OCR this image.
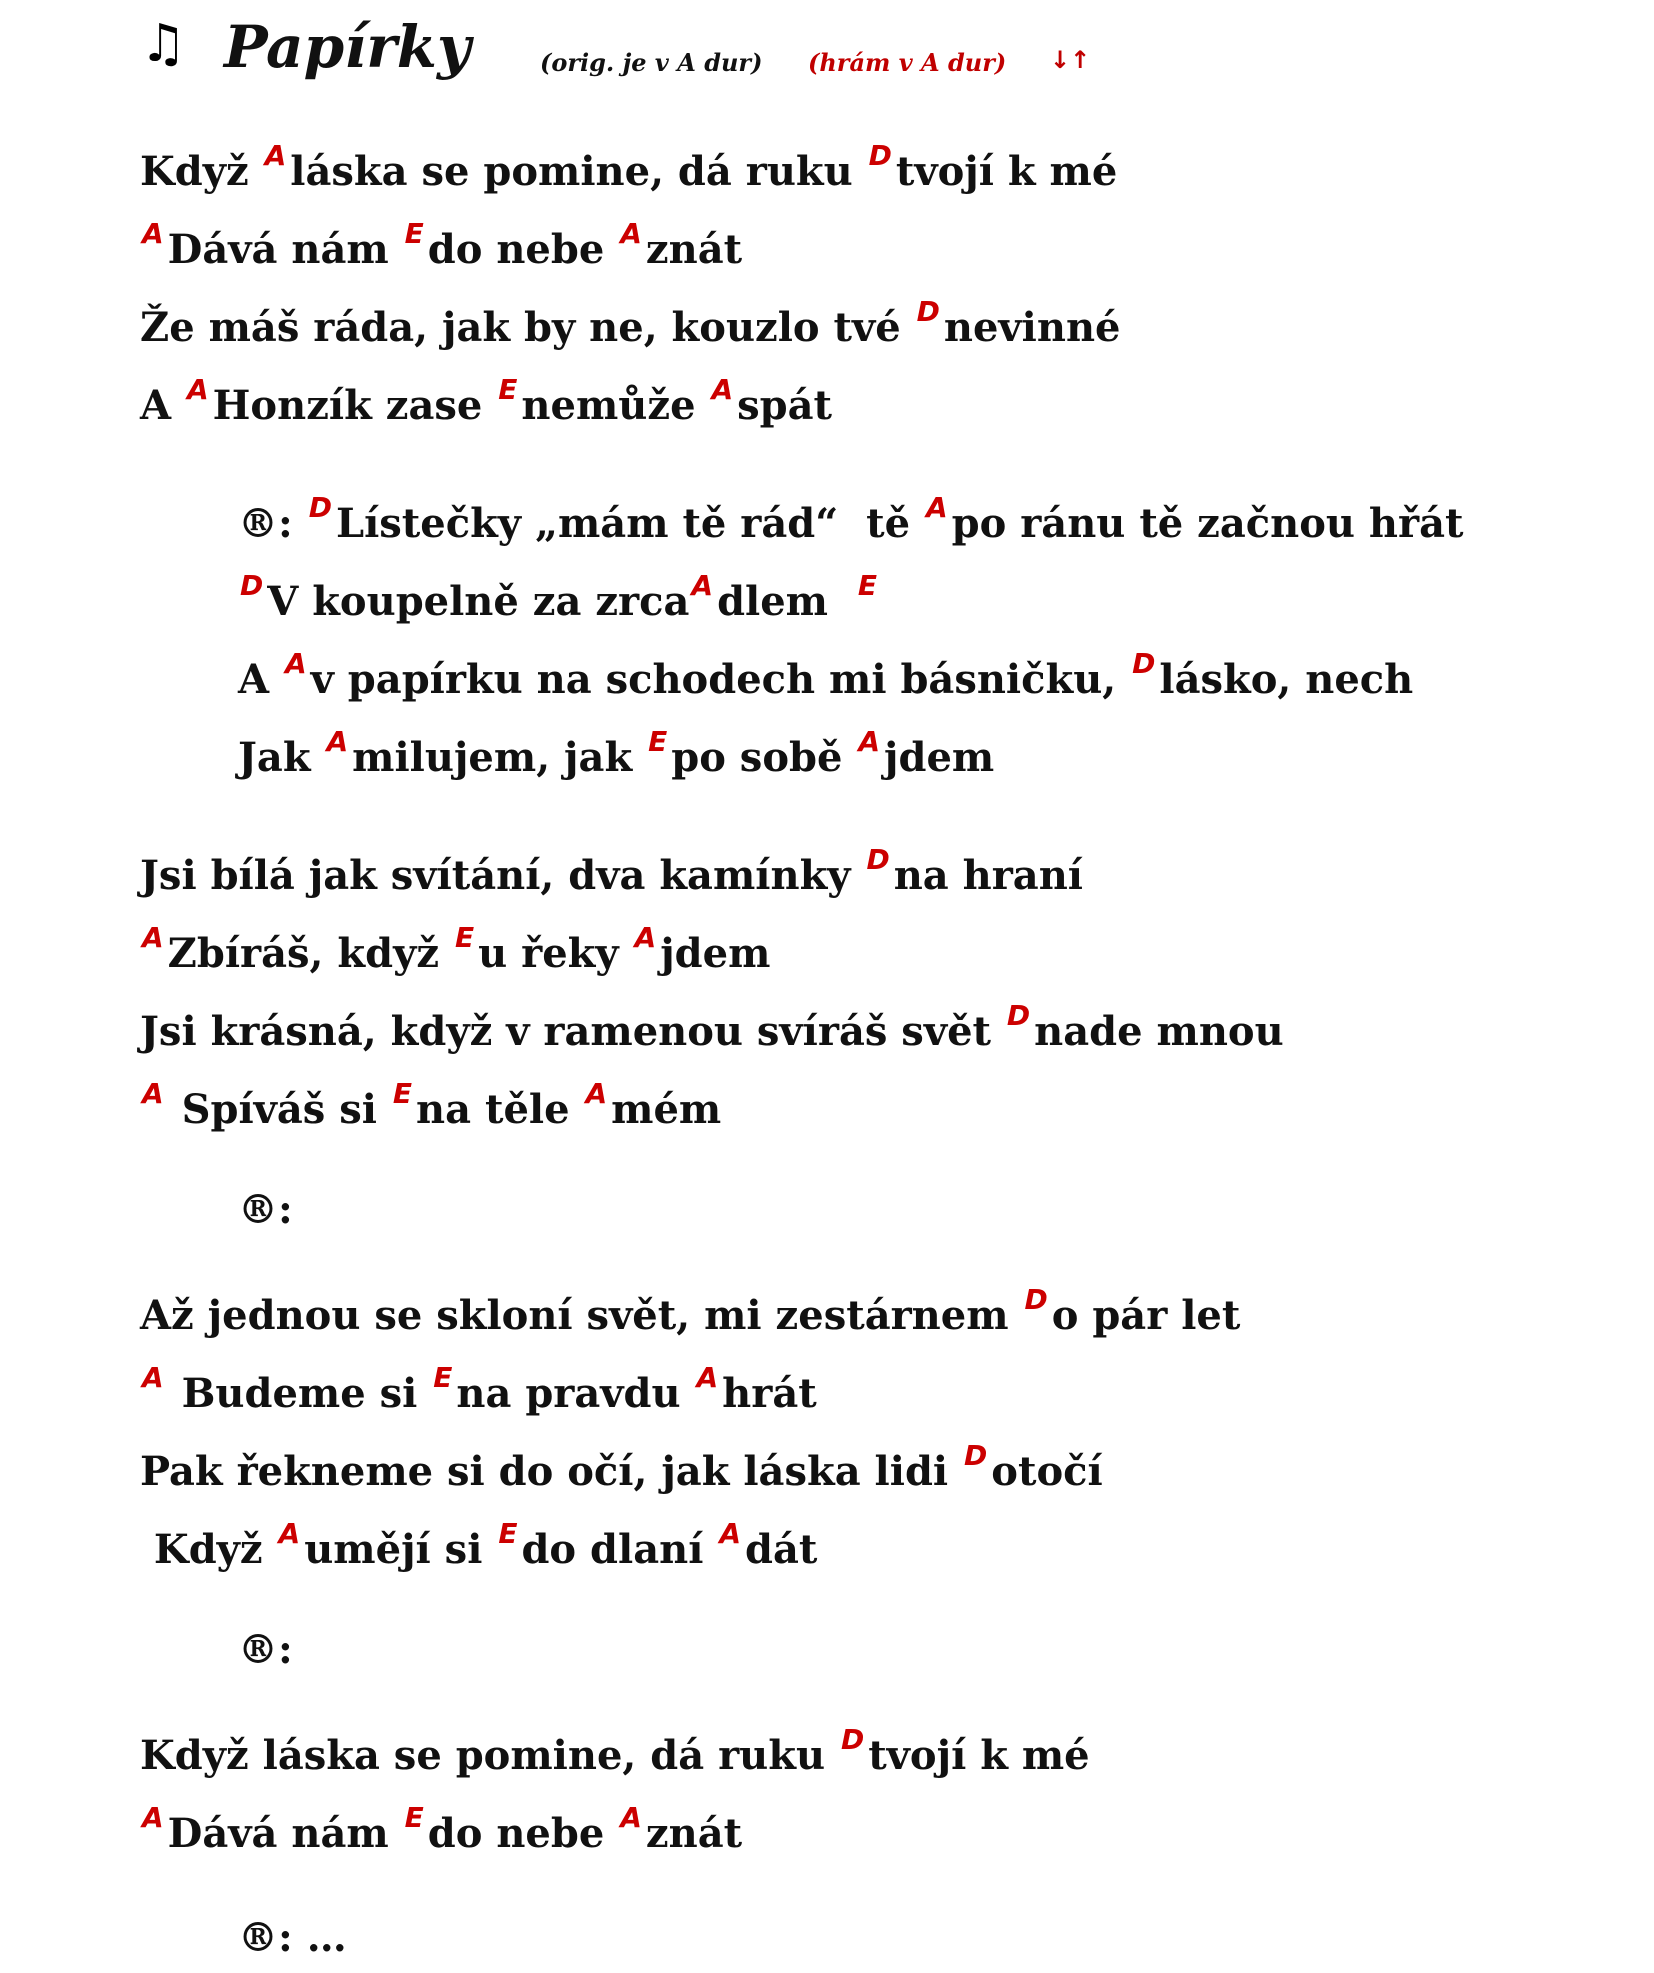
♫ Papírky	(orig. je v A dur) (hrám v A dur) ↓↑
Když $^A$ láska se pomine, dá ruku $^D$ tvojí k mé
$^A$ Dává nám $^E$ do nebe $^A$ znát
Že máš ráda, jak by ne, kouzlo tvé $^D$ nevinné
A $^A$ Honzík zase $^E$ nemůže $^A$ spát
®: $^D$ Lístečky „mám tě rád“  tě $^A$ po ránu tě začnou hřát
$^D$ V koupelně za zrca$^A$ dlem  $^E$
A $^A$ v papírku na schodech mi básničku, $^D$ lásko, nech
Jak $^A$ milujem, jak $^E$ po sobě $^A$ jdem
Jsi bílá jak svítání, dva kamínky $^D$ na hraní
$^A$ Zbíráš, když $^E$ u řeky $^A$ jdem
Jsi krásná, když v ramenou svíráš svět $^D$ nade mnou
$^A$ Spíváš si $^E$ na těle $^A$ mém
®:
Až jednou se skloní svět, mi zestárnem $^D$ o pár let
$^A$ Budeme si $^E$ na pravdu $^A$ hrát
Pak řekneme si do očí, jak láska lidi $^D$ otočí
Když $^A$ umějí si $^E$ do dlaní $^A$ dát
®:
Když láska se pomine, dá ruku $^D$ tvojí k mé
$^A$ Dává nám $^E$ do nebe $^A$ znát
®: …
